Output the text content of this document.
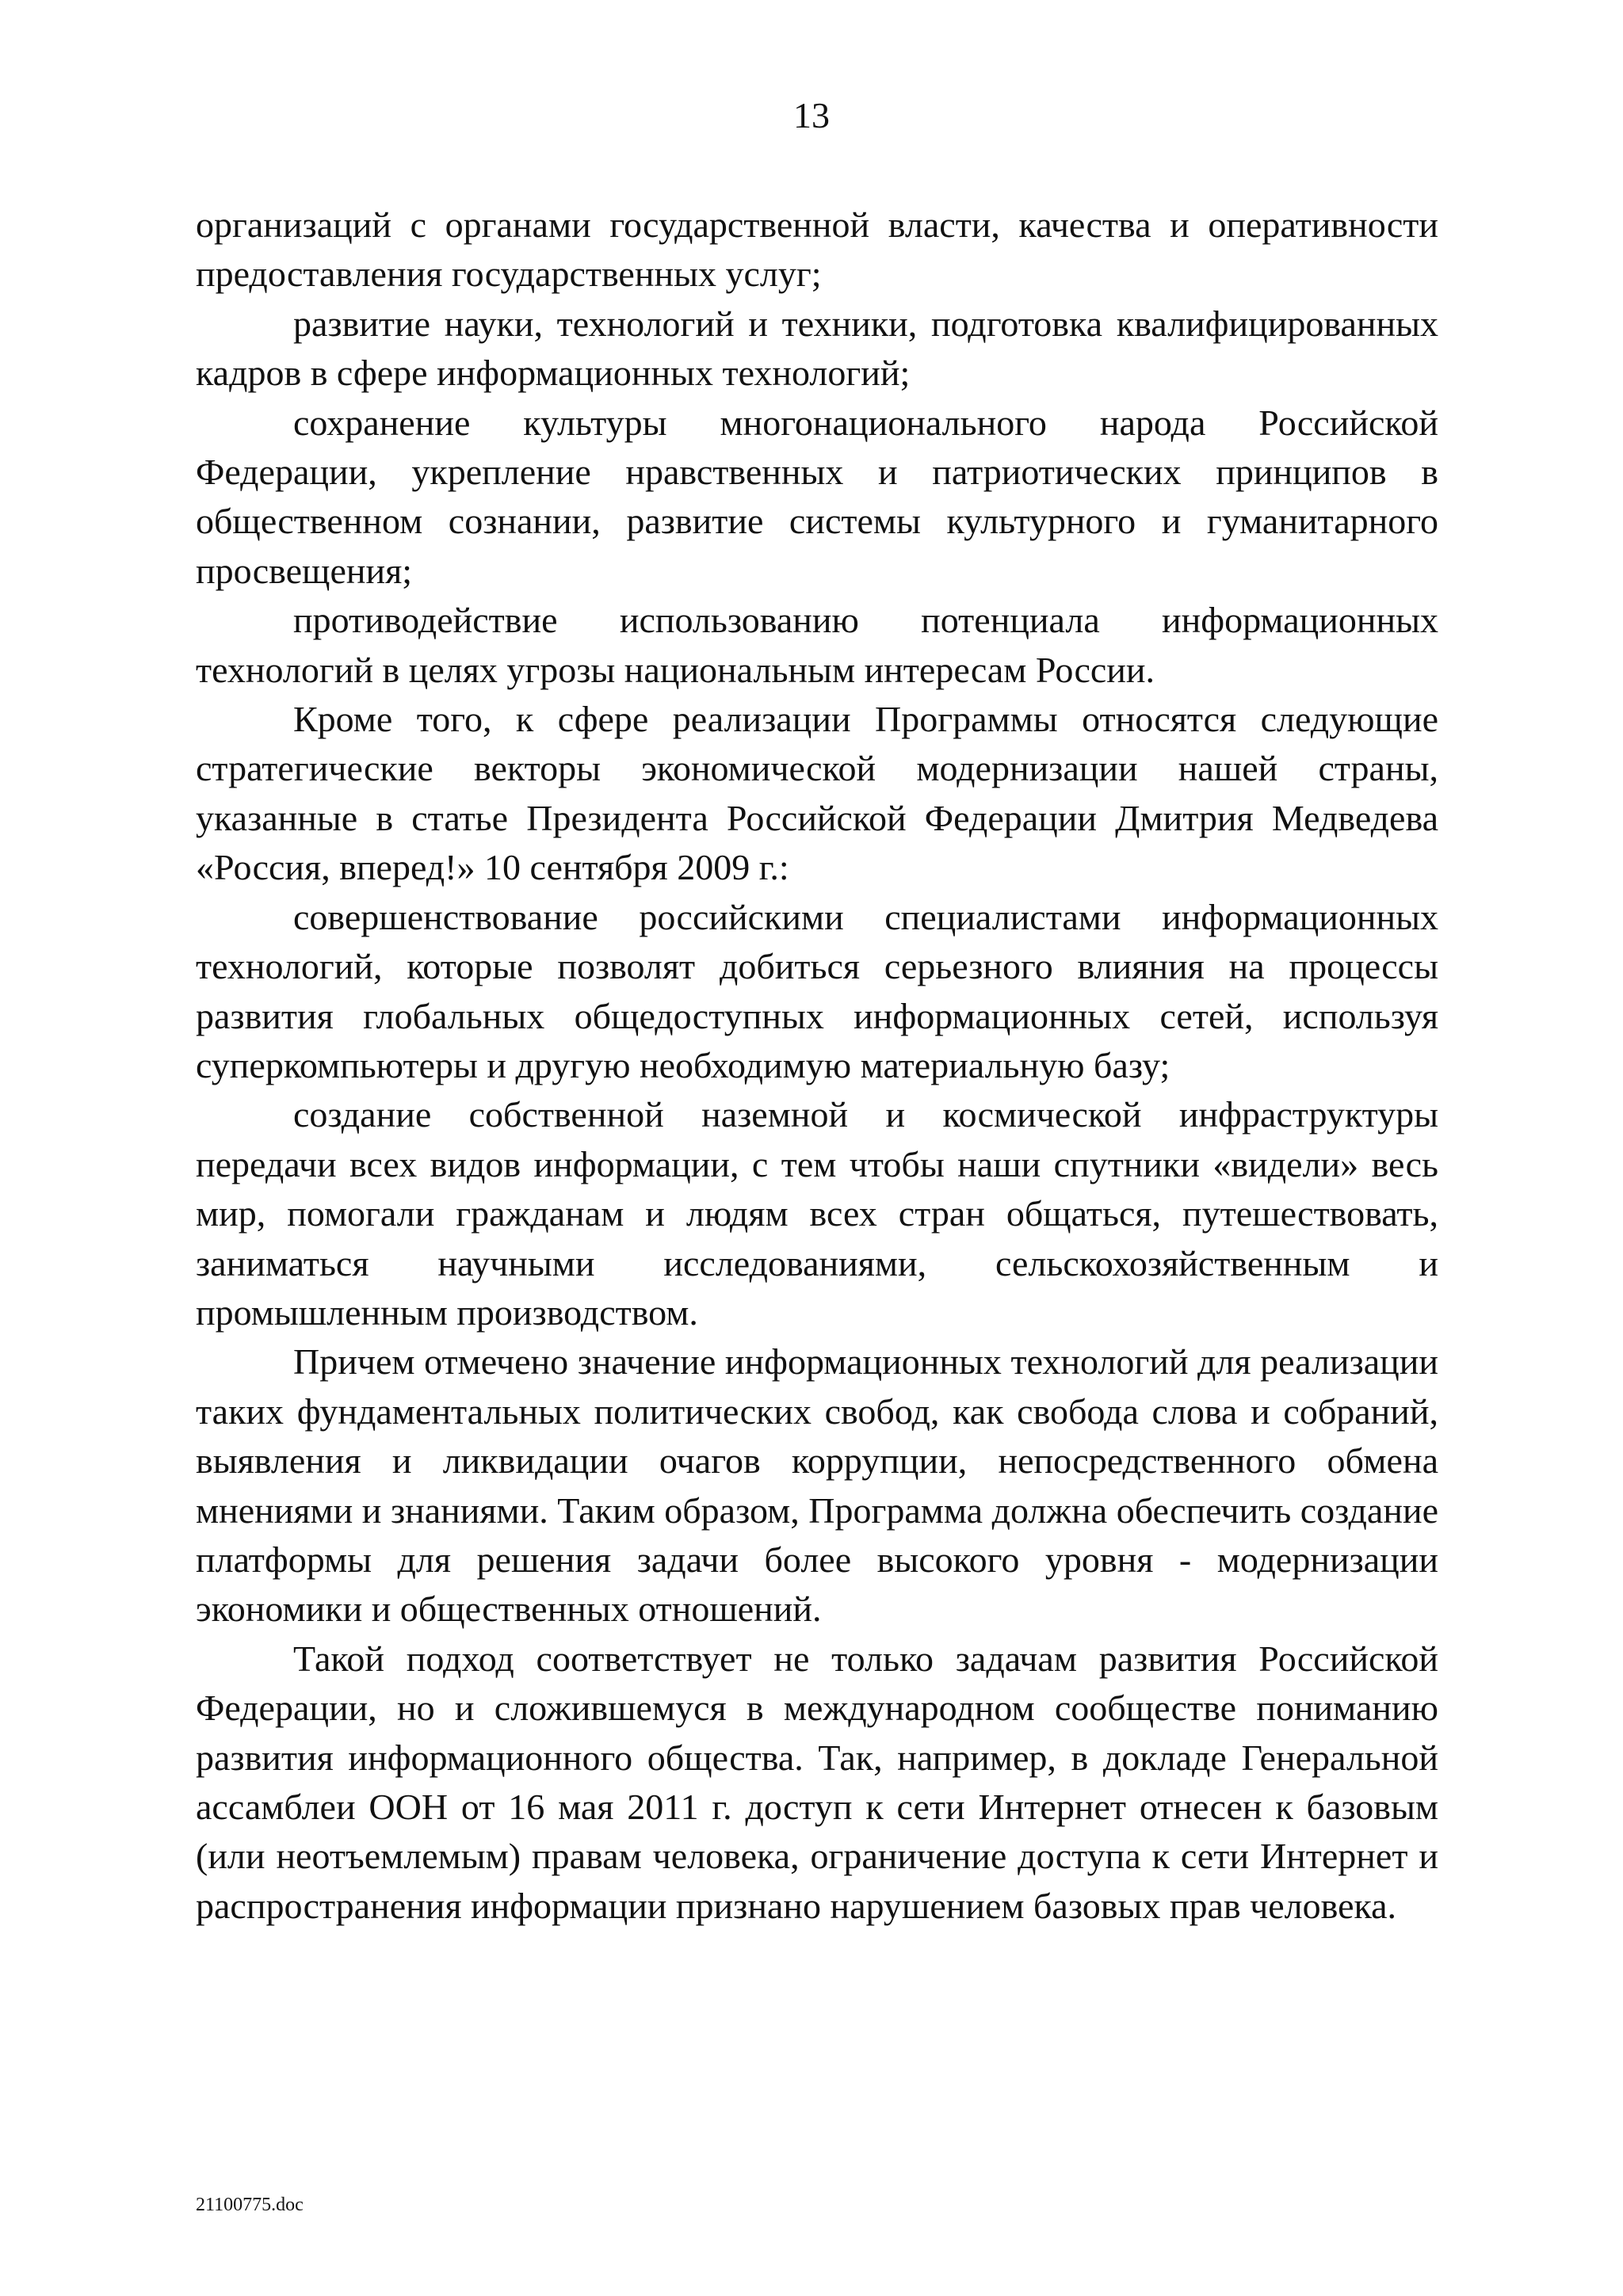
13

организаций с органами государственной власти, качества и оперативности предоставления государственных услуг;

развитие науки, технологий и техники, подготовка квалифицированных кадров в сфере информационных технологий;

сохранение культуры многонационального народа Российской Федерации, укрепление нравственных и патриотических принципов в общественном сознании, развитие системы культурного и гуманитарного просвещения;

противодействие использованию потенциала информационных технологий в целях угрозы национальным интересам России.

Кроме того, к сфере реализации Программы относятся следующие стратегические векторы экономической модернизации нашей страны, указанные в статье Президента Российской Федерации Дмитрия Медведева «Россия, вперед!» 10 сентября 2009 г.:

совершенствование российскими специалистами информационных технологий, которые позволят добиться серьезного влияния на процессы развития глобальных общедоступных информационных сетей, используя суперкомпьютеры и другую необходимую материальную базу;

создание собственной наземной и космической инфраструктуры передачи всех видов информации, с тем чтобы наши спутники «видели» весь мир, помогали гражданам и людям всех стран общаться, путешествовать, заниматься научными исследованиями, сельскохозяйственным и промышленным производством.

Причем отмечено значение информационных технологий для реализации таких фундаментальных политических свобод, как свобода слова и собраний, выявления и ликвидации очагов коррупции, непосредственного обмена мнениями и знаниями. Таким образом, Программа должна обеспечить создание платформы для решения задачи более высокого уровня - модернизации экономики и общественных отношений.

Такой подход соответствует не только задачам развития Российской Федерации, но и сложившемуся в международном сообществе пониманию развития информационного общества. Так, например, в докладе Генеральной ассамблеи ООН от 16 мая 2011 г. доступ к сети Интернет отнесен к базовым (или неотъемлемым) правам человека, ограничение доступа к сети Интернет и распространения информации признано нарушением базовых прав человека.

21100775.doc
